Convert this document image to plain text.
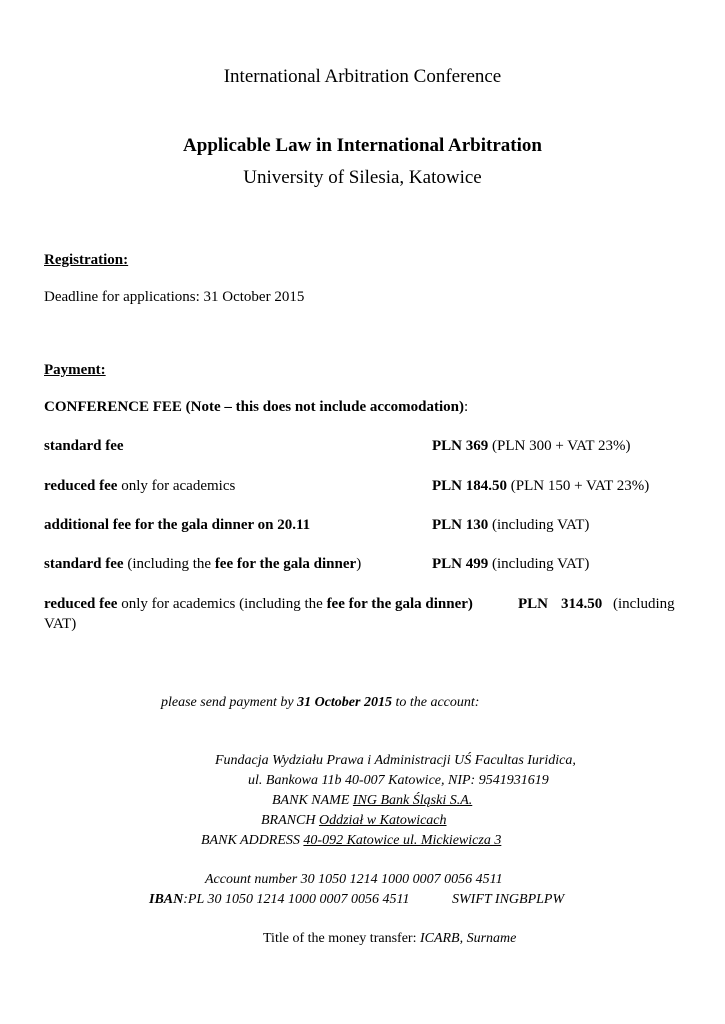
International Arbitration Conference
Applicable Law in International Arbitration
University of Silesia, Katowice
Registration:
Deadline for applications: 31 October 2015
Payment:
CONFERENCE FEE (Note – this does not include accomodation):
standard fee	PLN 369 (PLN 300 + VAT 23%)
reduced fee only for academics	PLN 184.50 (PLN 150 + VAT 23%)
additional fee for the gala dinner on 20.11	PLN 130 (including VAT)
standard fee (including the fee for the gala dinner)	PLN 499 (including VAT)
reduced fee only for academics (including the fee for the gala dinner)	PLN 314.50 (including
VAT)
please send payment by 31 October 2015 to the account:
Fundacja Wydziału Prawa i Administracji UŚ Facultas Iuridica,
ul. Bankowa 11b 40-007 Katowice, NIP: 9541931619
BANK NAME ING Bank Śląski S.A.
BRANCH Oddział w Katowicach
BANK ADDRESS 40-092 Katowice ul. Mickiewicza 3
Account number 30 1050 1214 1000 0007 0056 4511
IBAN:PL 30 1050 1214 1000 0007 0056 4511	SWIFT INGBPLPW
Title of the money transfer: ICARB, Surname
